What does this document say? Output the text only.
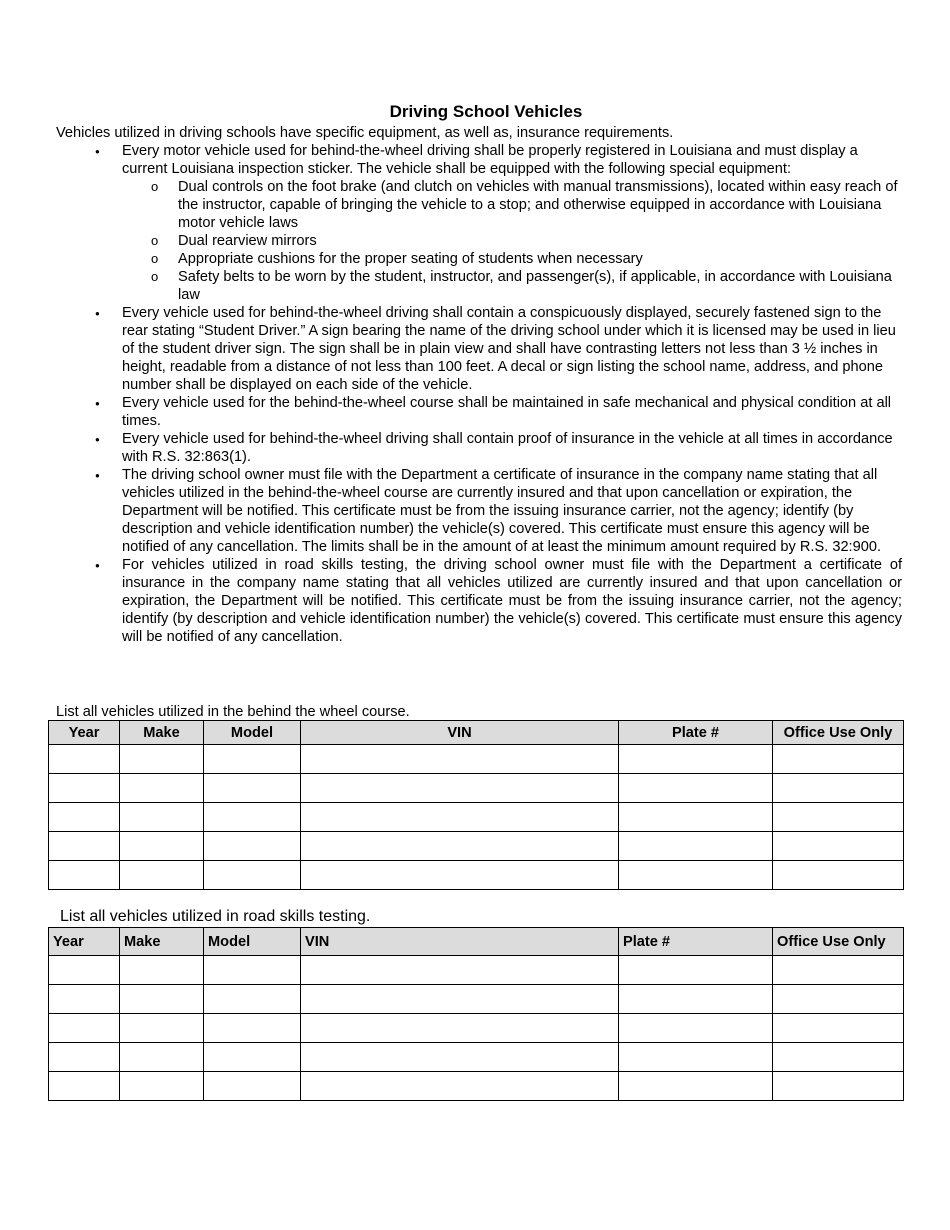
Driving School Vehicles
Vehicles utilized in driving schools have specific equipment, as well as, insurance requirements.
● Every motor vehicle used for behind-the-wheel driving shall be properly registered in Louisiana and must display a current Louisiana inspection sticker. The vehicle shall be equipped with the following special equipment:
o Dual controls on the foot brake (and clutch on vehicles with manual transmissions), located within easy reach of the instructor, capable of bringing the vehicle to a stop; and otherwise equipped in accordance with Louisiana motor vehicle laws
o Dual rearview mirrors
o Appropriate cushions for the proper seating of students when necessary
o Safety belts to be worn by the student, instructor, and passenger(s), if applicable, in accordance with Louisiana law
● Every vehicle used for behind-the-wheel driving shall contain a conspicuously displayed, securely fastened sign to the rear stating “Student Driver.” A sign bearing the name of the driving school under which it is licensed may be used in lieu of the student driver sign. The sign shall be in plain view and shall have contrasting letters not less than 3 ½ inches in height, readable from a distance of not less than 100 feet. A decal or sign listing the school name, address, and phone number shall be displayed on each side of the vehicle.
● Every vehicle used for the behind-the-wheel course shall be maintained in safe mechanical and physical condition at all times.
● Every vehicle used for behind-the-wheel driving shall contain proof of insurance in the vehicle at all times in accordance with R.S. 32:863(1).
● The driving school owner must file with the Department a certificate of insurance in the company name stating that all vehicles utilized in the behind-the-wheel course are currently insured and that upon cancellation or expiration, the Department will be notified. This certificate must be from the issuing insurance carrier, not the agency; identify (by description and vehicle identification number) the vehicle(s) covered. This certificate must ensure this agency will be notified of any cancellation. The limits shall be in the amount of at least the minimum amount required by R.S. 32:900.
● For vehicles utilized in road skills testing, the driving school owner must file with the Department a certificate of insurance in the company name stating that all vehicles utilized are currently insured and that upon cancellation or expiration, the Department will be notified. This certificate must be from the issuing insurance carrier, not the agency; identify (by description and vehicle identification number) the vehicle(s) covered. This certificate must ensure this agency will be notified of any cancellation.
List all vehicles utilized in the behind the wheel course.
Year	Make	Model	VIN	Plate #	Office Use Only

List all vehicles utilized in road skills testing.
Year	Make	Model	VIN	Plate #	Office Use Only
